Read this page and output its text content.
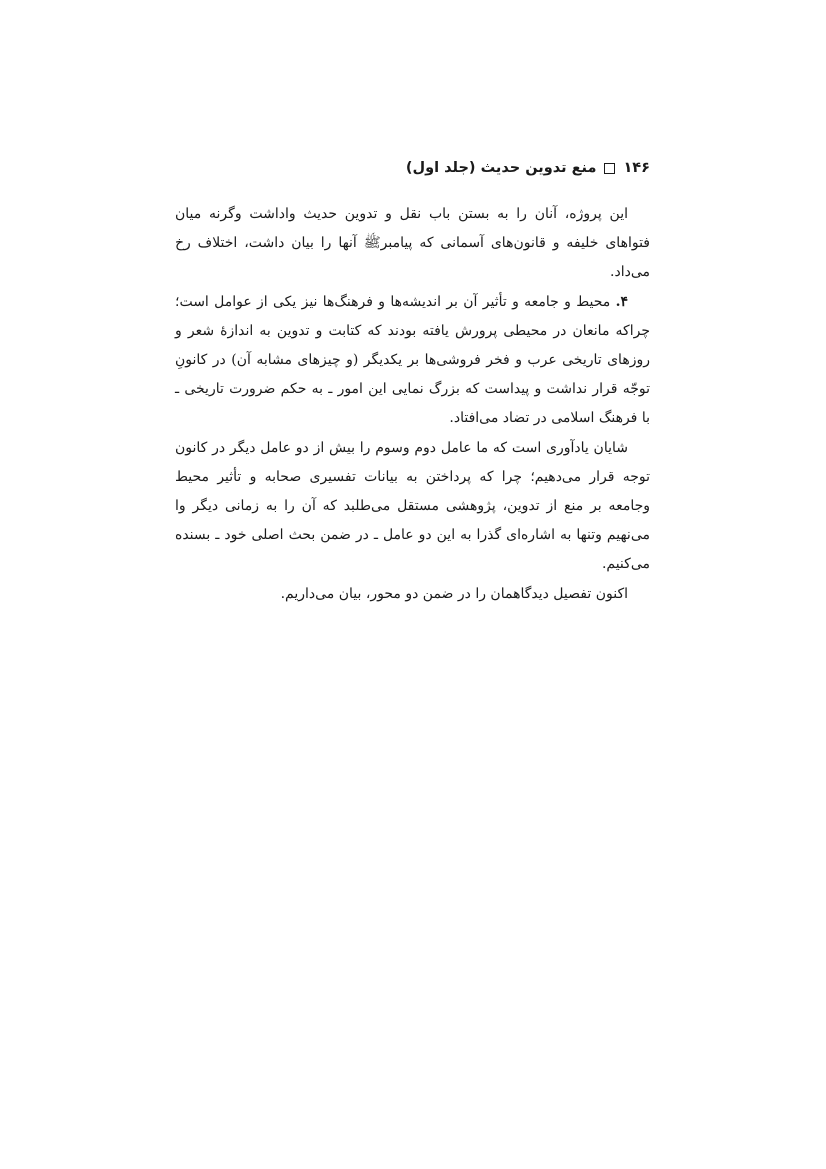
۱۴۶
منع تدوین حدیث (جلد اول)

این پروژه، آنان را به بستن باب نقل و تدوین حدیث واداشت وگرنه میان فتواهای خلیفه و قانون‌های آسمانی که پیامبرﷺ آنها را بیان داشت، اختلاف رخ می‌داد.

۴. محیط و جامعه و تأثیر آن بر اندیشه‌ها و فرهنگ‌ها نیز یکی از عوامل است؛ چراکه مانعان در محیطی پرورش یافته بودند که کتابت و تدوین به اندازهٔ شعر و روزهای تاریخی عرب و فخر فروشی‌ها بر یکدیگر (و چیزهای مشابه آن) در کانونِ توجّه قرار نداشت و پیداست که بزرگ نمایی این امور ـ به حکم ضرورت تاریخی ـ با فرهنگ اسلامی در تضاد می‌افتاد.

شایان یادآوری است که ما عامل دوم وسوم را بیش از دو عامل دیگر در کانون توجه قرار می‌دهیم؛ چرا که پرداختن به بیانات تفسیری صحابه و تأثیر محیط وجامعه بر منع از تدوین، پژوهشی مستقل می‌طلبد که آن را به زمانی دیگر وا می‌نهیم وتنها به اشاره‌ای گذرا به این دو عامل ـ در ضمن بحث اصلی خود ـ بسنده می‌کنیم.

اکنون تفصیل دیدگاهمان را در ضمن دو محور، بیان می‌داریم.
